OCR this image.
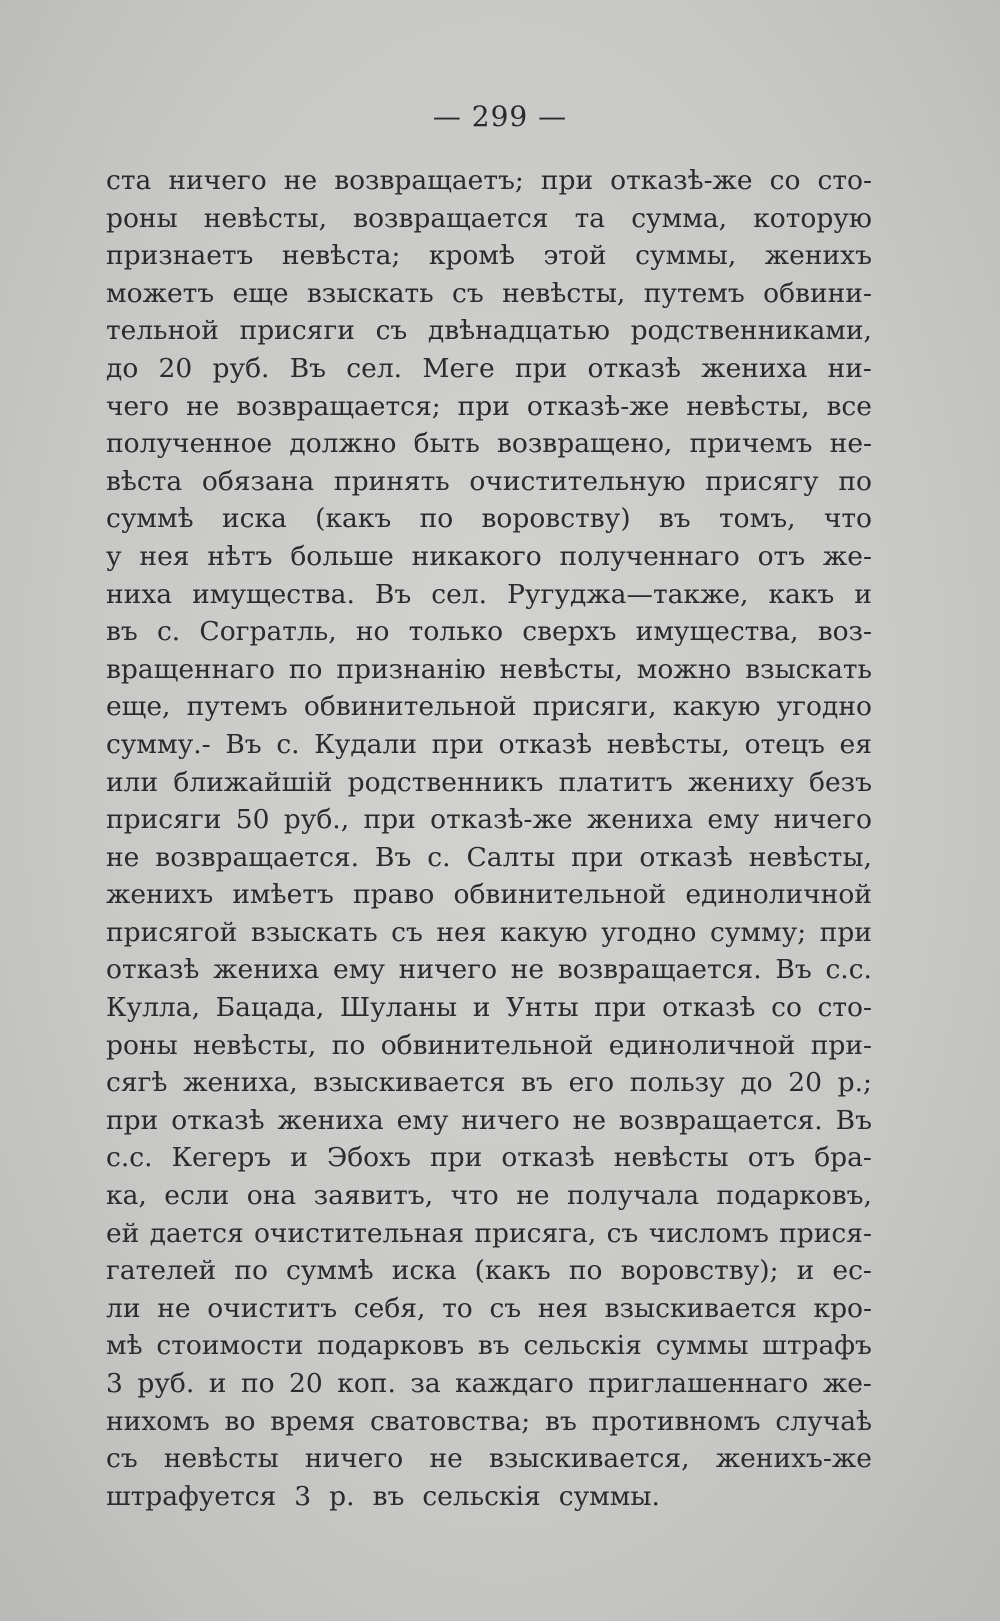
— 299 —
ста ничего не возвращаетъ; при отказѣ-же со сто-
роны невѣсты, возвращается та сумма, которую
признаетъ невѣста; кромѣ этой суммы, женихъ
можетъ еще взыскать съ невѣсты, путемъ обвини-
тельной присяги съ двѣнадцатью родственниками,
до 20 руб. Въ сел. Меге при отказѣ жениха ни-
чего не возвращается; при отказѣ-же невѣсты, все
полученное должно быть возвращено, причемъ не-
вѣста обязана принять очистительную присягу по
суммѣ иска (какъ по воровству) въ томъ, что
у нея нѣтъ больше никакого полученнаго отъ же-
ниха имущества. Въ сел. Ругуджа—также, какъ и
въ с. Согратль, но только сверхъ имущества, воз-
вращеннаго по признанію невѣсты, можно взыскать
еще, путемъ обвинительной присяги, какую угодно
сумму.- Въ с. Кудали при отказѣ невѣсты, отецъ ея
или ближайшій родственникъ платитъ жениху безъ
присяги 50 руб., при отказѣ-же жениха ему ничего
не возвращается. Въ с. Салты при отказѣ невѣсты,
женихъ имѣетъ право обвинительной единоличной
присягой взыскать съ нея какую угодно сумму; при
отказѣ жениха ему ничего не возвращается. Въ с.с.
Кулла, Бацада, Шуланы и Унты при отказѣ со сто-
роны невѣсты, по обвинительной единоличной при-
сягѣ жениха, взыскивается въ его пользу до 20 р.;
при отказѣ жениха ему ничего не возвращается. Въ
с.с. Кегеръ и Эбохъ при отказѣ невѣсты отъ бра-
ка, если она заявитъ, что не получала подарковъ,
ей дается очистительная присяга, съ числомъ прися-
гателей по суммѣ иска (какъ по воровству); и ес-
ли не очиститъ себя, то съ нея взыскивается кро-
мѣ стоимости подарковъ въ сельскія суммы штрафъ
3 руб. и по 20 коп. за каждаго приглашеннаго же-
нихомъ во время сватовства; въ противномъ случаѣ
съ невѣсты ничего не взыскивается, женихъ-же
штрафуется 3 р. въ сельскія суммы.
